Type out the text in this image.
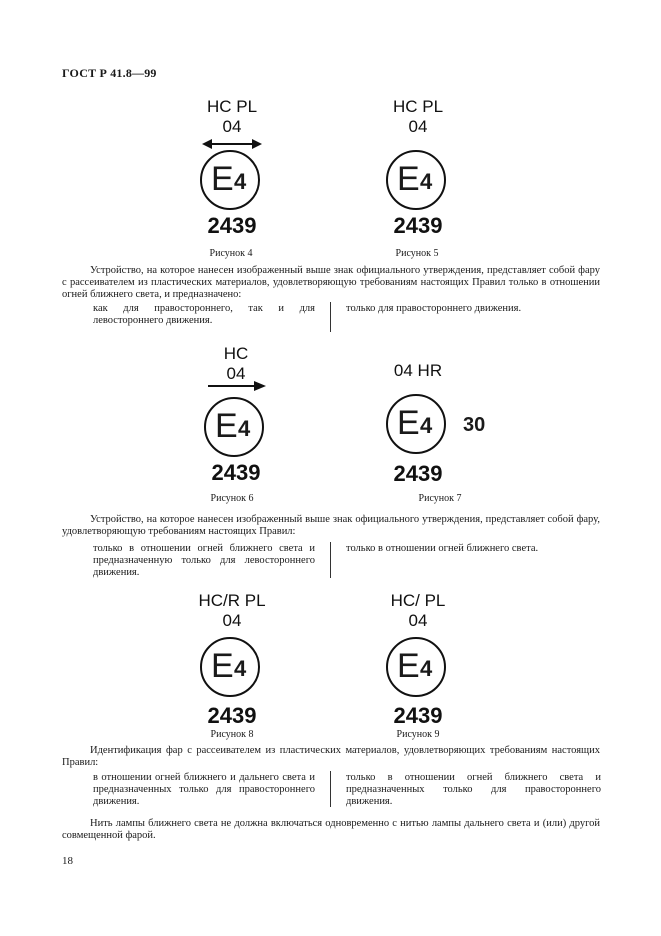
ГОСТ Р 41.8—99
HC PL
04
E 4
2439
Рисунок 4
HC PL
04
E 4
2439
Рисунок 5
Устройство, на которое нанесен изображенный выше знак официального утверждения, представляет собой фару с рассеивателем из пластических материалов, удовлетворяющую требованиям настоящих Правил только в отношении огней ближнего света, и предназначено:
как для правостороннего, так и для левостороннего движения.
только для правостороннего движения.
HC
04
E 4
2439
Рисунок 6
04 HR
E 4 30
2439
Рисунок 7
Устройство, на которое нанесен изображенный выше знак официального утверждения, представляет собой фару, удовлетворяющую требованиям настоящих Правил:
только в отношении огней ближнего света и предназначенную только для левостороннего движения.
только в отношении огней ближнего света.
HC/R PL
04
E 4
2439
Рисунок 8
HC/ PL
04
E 4
2439
Рисунок 9
Идентификация фар с рассеивателем из пластических материалов, удовлетворяющих требованиям настоящих Правил:
в отношении огней ближнего и дальнего света и предназначенных только для правостороннего движения.
только в отношении огней ближнего света и предназначенных только для правостороннего движения.
Нить лампы ближнего света не должна включаться одновременно с нитью лампы дальнего света и (или) другой совмещенной фарой.
18
